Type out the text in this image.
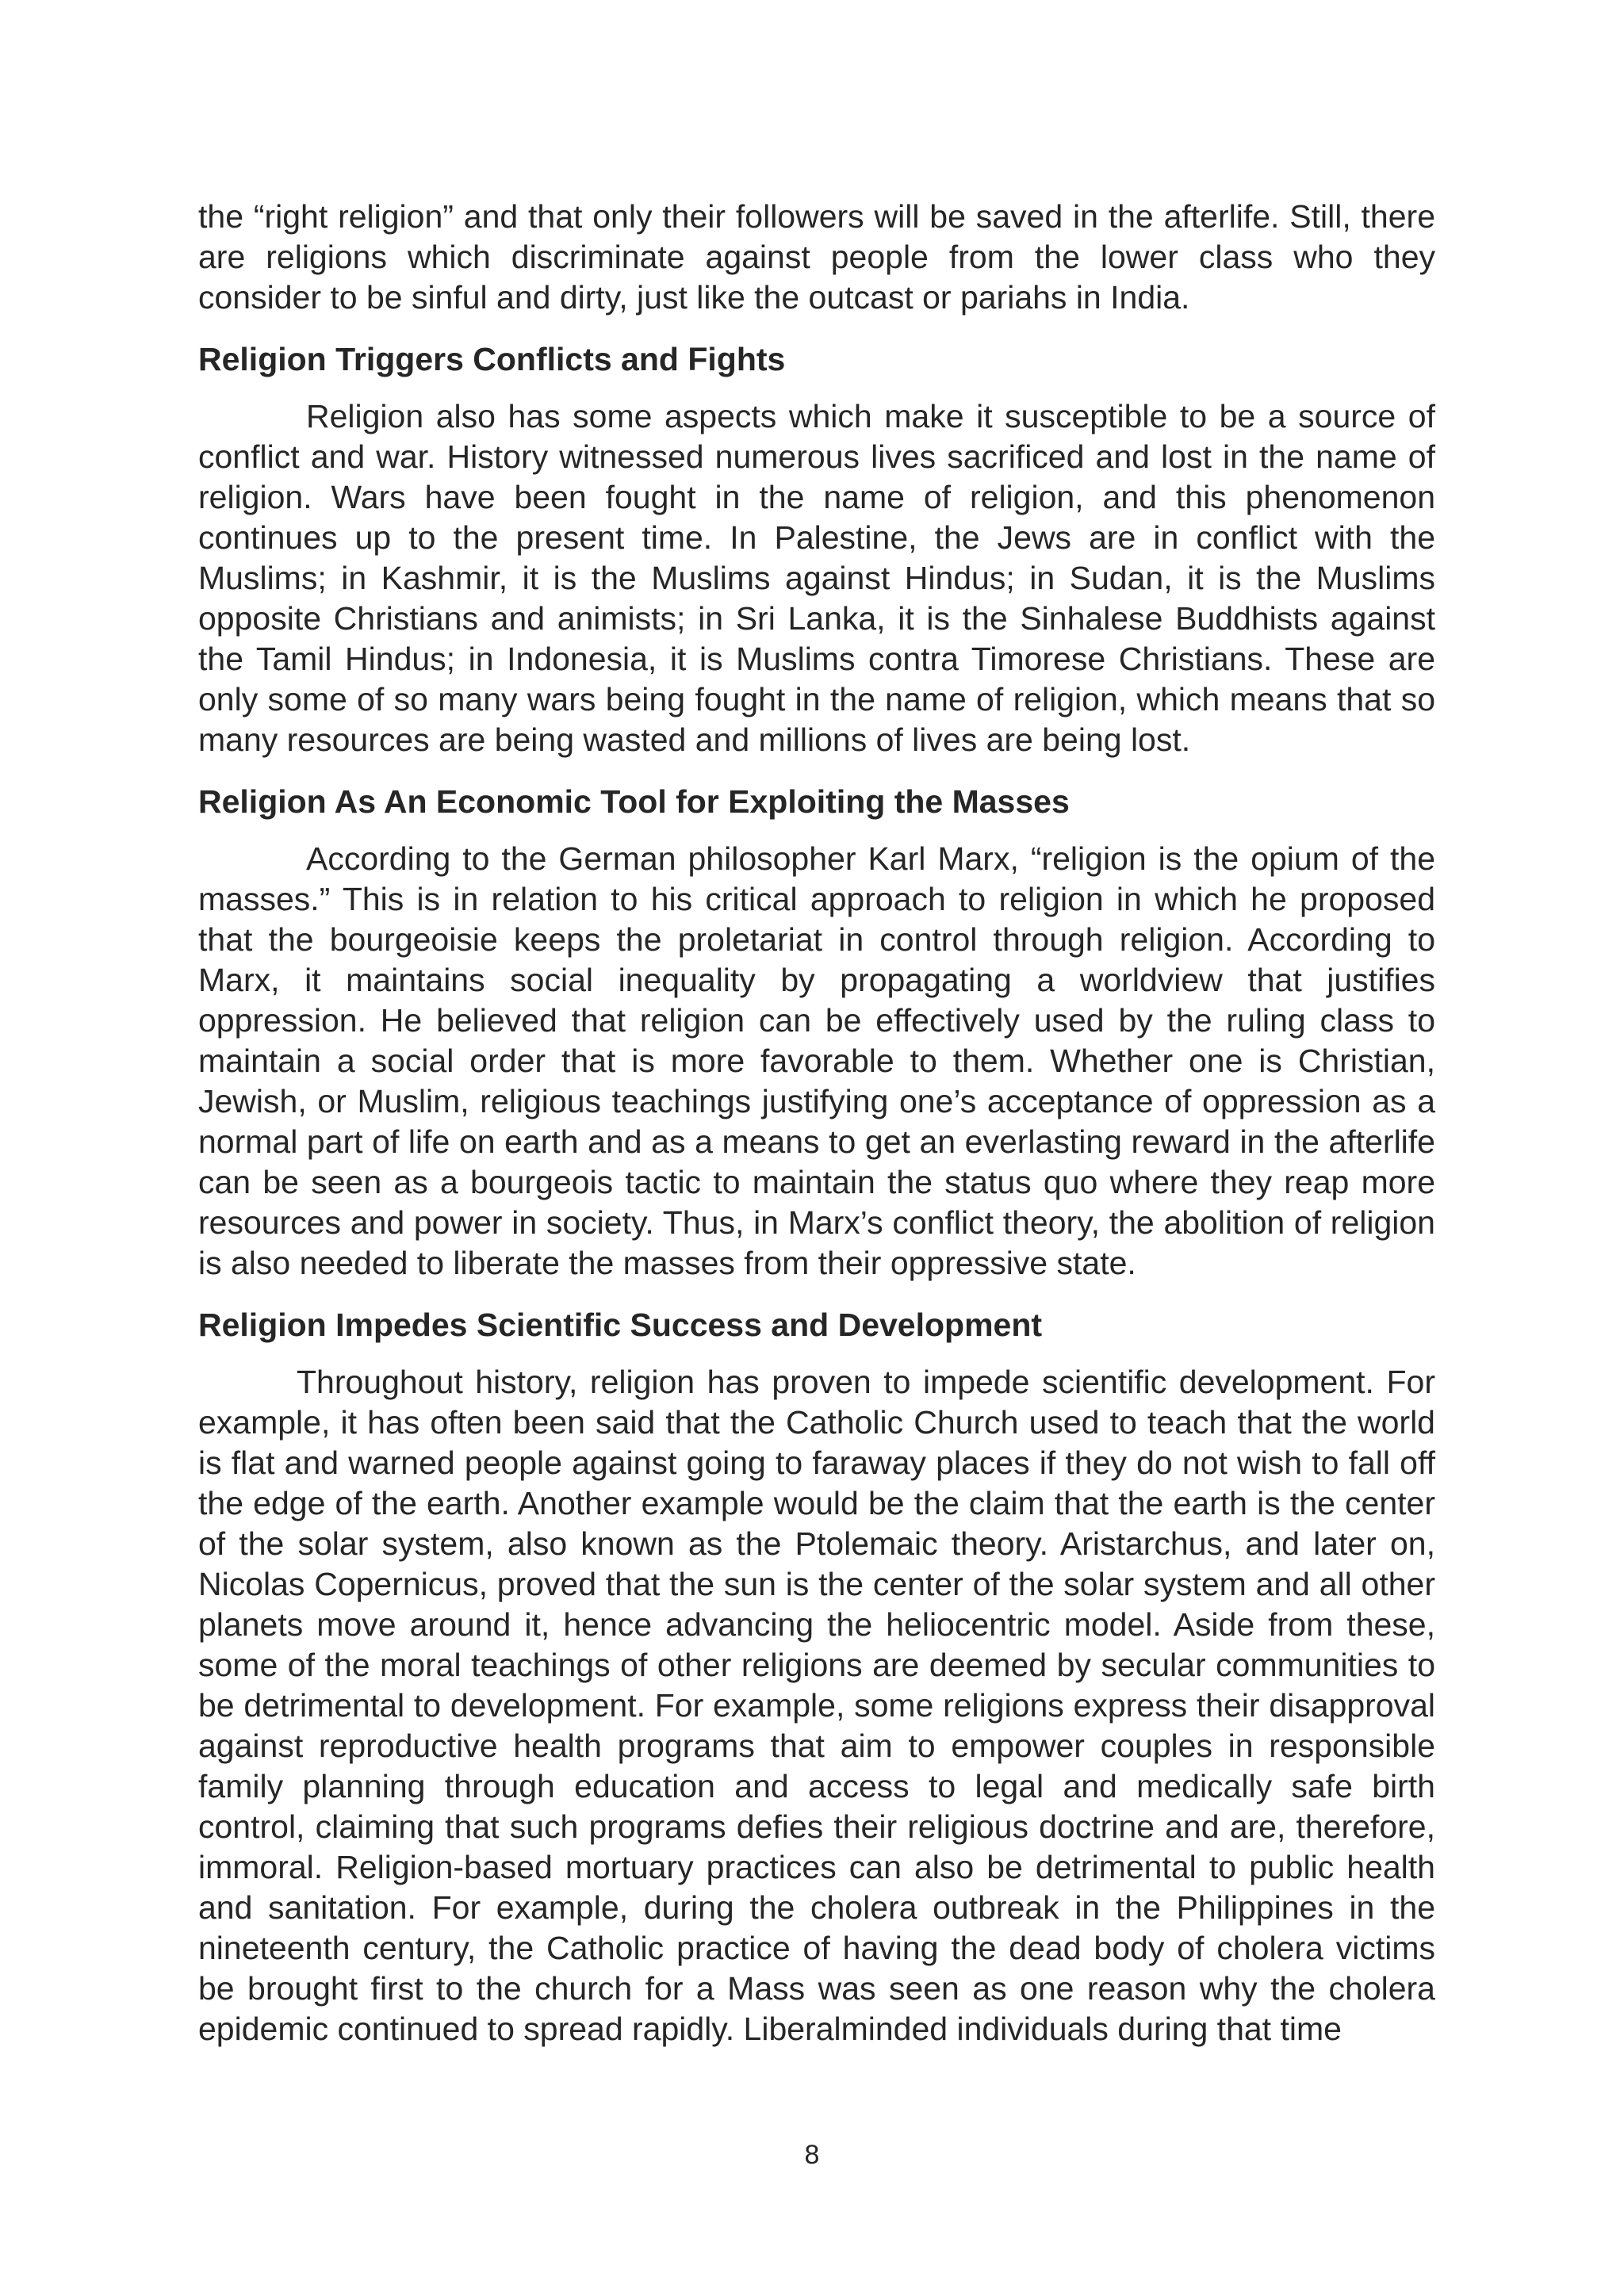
the “right religion” and that only their followers will be saved in the afterlife. Still, there are religions which discriminate against people from the lower class who they consider to be sinful and dirty, just like the outcast or pariahs in India.

Religion Triggers Conflicts and Fights

Religion also has some aspects which make it susceptible to be a source of conflict and war. History witnessed numerous lives sacrificed and lost in the name of religion. Wars have been fought in the name of religion, and this phenomenon continues up to the present time. In Palestine, the Jews are in conflict with the Muslims; in Kashmir, it is the Muslims against Hindus; in Sudan, it is the Muslims opposite Christians and animists; in Sri Lanka, it is the Sinhalese Buddhists against the Tamil Hindus; in Indonesia, it is Muslims contra Timorese Christians. These are only some of so many wars being fought in the name of religion, which means that so many resources are being wasted and millions of lives are being lost.

Religion As An Economic Tool for Exploiting the Masses

According to the German philosopher Karl Marx, “religion is the opium of the masses.” This is in relation to his critical approach to religion in which he proposed that the bourgeoisie keeps the proletariat in control through religion. According to Marx, it maintains social inequality by propagating a worldview that justifies oppression. He believed that religion can be effectively used by the ruling class to maintain a social order that is more favorable to them. Whether one is Christian, Jewish, or Muslim, religious teachings justifying one’s acceptance of oppression as a normal part of life on earth and as a means to get an everlasting reward in the afterlife can be seen as a bourgeois tactic to maintain the status quo where they reap more resources and power in society. Thus, in Marx’s conflict theory, the abolition of religion is also needed to liberate the masses from their oppressive state.

Religion Impedes Scientific Success and Development

Throughout history, religion has proven to impede scientific development. For example, it has often been said that the Catholic Church used to teach that the world is flat and warned people against going to faraway places if they do not wish to fall off the edge of the earth. Another example would be the claim that the earth is the center of the solar system, also known as the Ptolemaic theory. Aristarchus, and later on, Nicolas Copernicus, proved that the sun is the center of the solar system and all other planets move around it, hence advancing the heliocentric model. Aside from these, some of the moral teachings of other religions are deemed by secular communities to be detrimental to development. For example, some religions express their disapproval against reproductive health programs that aim to empower couples in responsible family planning through education and access to legal and medically safe birth control, claiming that such programs defies their religious doctrine and are, therefore, immoral. Religion-based mortuary practices can also be detrimental to public health and sanitation. For example, during the cholera outbreak in the Philippines in the nineteenth century, the Catholic practice of having the dead body of cholera victims be brought first to the church for a Mass was seen as one reason why the cholera epidemic continued to spread rapidly. Liberalminded individuals during that time

8
